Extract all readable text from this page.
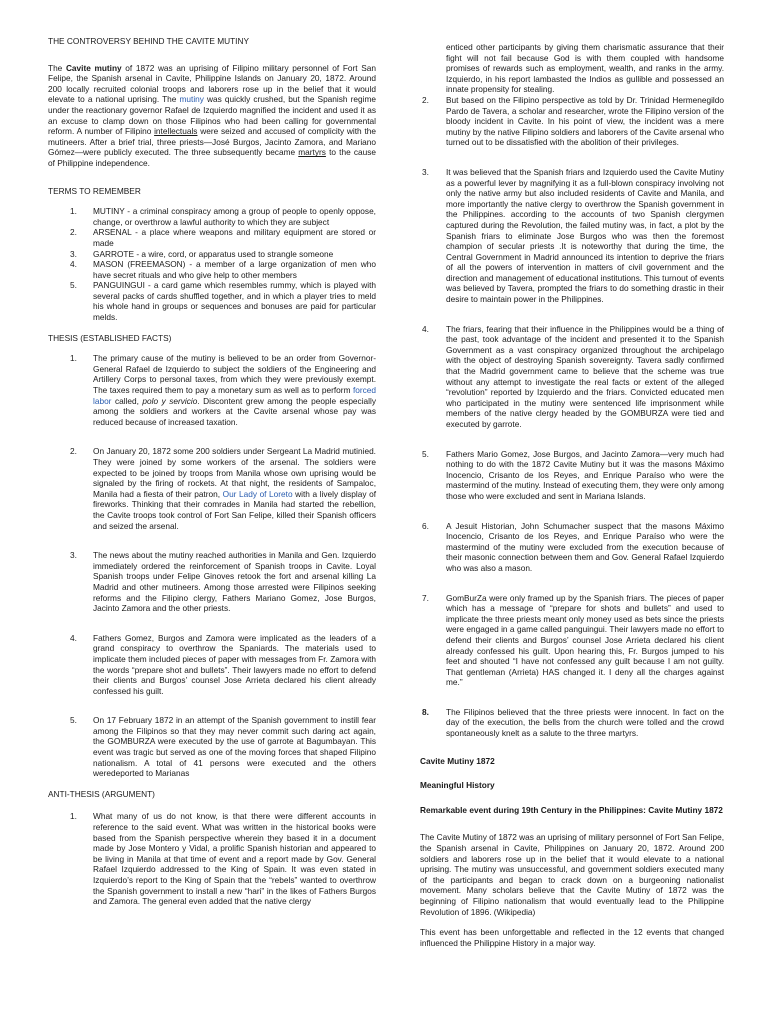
THE CONTROVERSY BEHIND THE CAVITE MUTINY

The Cavite mutiny of 1872 was an uprising of Filipino military personnel of Fort San Felipe, the Spanish arsenal in Cavite, Philippine Islands on January 20, 1872. Around 200 locally recruited colonial troops and laborers rose up in the belief that it would elevate to a national uprising. The mutiny was quickly crushed, but the Spanish regime under the reactionary governor Rafael de Izquierdo magnified the incident and used it as an excuse to clamp down on those Filipinos who had been calling for governmental reform. A number of Filipino intellectuals were seized and accused of complicity with the mutineers. After a brief trial, three priests—José Burgos, Jacinto Zamora, and Mariano Gómez—were publicly executed. The three subsequently became martyrs to the cause of Philippine independence.

TERMS TO REMEMBER

1. MUTINY - a criminal conspiracy among a group of people to openly oppose, change, or overthrow a lawful authority to which they are subject
2. ARSENAL - a place where weapons and military equipment are stored or made
3. GARROTE - a wire, cord, or apparatus used to strangle someone
4. MASON (FREEMASON) - a member of a large organization of men who have secret rituals and who give help to other members
5. PANGUINGUI - a card game which resembles rummy, which is played with several packs of cards shuffled together, and in which a player tries to meld his whole hand in groups or sequences and bonuses are paid for particular melds.

THESIS (ESTABLISHED FACTS)

1. The primary cause of the mutiny is believed to be an order from Governor-General Rafael de Izquierdo to subject the soldiers of the Engineering and Artillery Corps to personal taxes, from which they were previously exempt. The taxes required them to pay a monetary sum as well as to perform forced labor called, polo y servicio. Discontent grew among the people especially among the soldiers and workers at the Cavite arsenal whose pay was reduced because of increased taxation.
2. On January 20, 1872 some 200 soldiers under Sergeant La Madrid mutinied. They were joined by some workers of the arsenal. The soldiers were expected to be joined by troops from Manila whose own uprising would be signaled by the firing of rockets. At that night, the residents of Sampaloc, Manila had a fiesta of their patron, Our Lady of Loreto with a lively display of fireworks. Thinking that their comrades in Manila had started the rebellion, the Cavite troops took control of Fort San Felipe, killed their Spanish officers and seized the arsenal.
3. The news about the mutiny reached authorities in Manila and Gen. Izquierdo immediately ordered the reinforcement of Spanish troops in Cavite. Loyal Spanish troops under Felipe Ginoves retook the fort and arsenal killing La Madrid and other mutineers. Among those arrested were Filipinos seeking reforms and the Filipino clergy, Fathers Mariano Gomez, Jose Burgos, Jacinto Zamora and the other priests.
4. Fathers Gomez, Burgos and Zamora were implicated as the leaders of a grand conspiracy to overthrow the Spaniards. The materials used to implicate them included pieces of paper with messages from Fr. Zamora with the words “prepare shot and bullets”. Their lawyers made no effort to defend their clients and Burgos’ counsel Jose Arrieta declared his client already confessed his guilt.
5. On 17 February 1872 in an attempt of the Spanish government to instill fear among the Filipinos so that they may never commit such daring act again, the GOMBURZA were executed by the use of garrote at Bagumbayan. This event was tragic but served as one of the moving forces that shaped Filipino nationalism. A total of 41 persons were executed and the others weredeported to Marianas

ANTI-THESIS (ARGUMENT)

1. What many of us do not know, is that there were different accounts in reference to the said event. What was written in the historical books were based from the Spanish perspective wherein they based it in a document made by Jose Montero y Vidal, a prolific Spanish historian and appeared to be living in Manila at that time of event and a report made by Gov. General Rafael Izquierdo addressed to the King of Spain. It was even stated in Izquierdo’s report to the King of Spain that the “rebels” wanted to overthrow the Spanish government to install a new “hari” in the likes of Fathers Burgos and Zamora. The general even added that the native clergy

enticed other participants by giving them charismatic assurance that their fight will not fail because God is with them coupled with handsome promises of rewards such as employment, wealth, and ranks in the army. Izquierdo, in his report lambasted the Indios as gullible and possessed an innate propensity for stealing.

2. But based on the Filipino perspective as told by Dr. Trinidad Hermenegildo Pardo de Tavera, a scholar and researcher, wrote the Filipino version of the bloody incident in Cavite. In his point of view, the incident was a mere mutiny by the native Filipino soldiers and laborers of the Cavite arsenal who turned out to be dissatisfied with the abolition of their privileges.
3. It was believed that the Spanish friars and Izquierdo used the Cavite Mutiny as a powerful lever by magnifying it as a full-blown conspiracy involving not only the native army but also included residents of Cavite and Manila, and more importantly the native clergy to overthrow the Spanish government in the Philippines. according to the accounts of two Spanish clergymen captured during the Revolution, the failed mutiny was, in fact, a plot by the Spanish friars to eliminate Jose Burgos who was then the foremost champion of secular priests .It is noteworthy that during the time, the Central Government in Madrid announced its intention to deprive the friars of all the powers of intervention in matters of civil government and the direction and management of educational institutions. This turnout of events was believed by Tavera, prompted the friars to do something drastic in their desire to maintain power in the Philippines.
4. The friars, fearing that their influence in the Philippines would be a thing of the past, took advantage of the incident and presented it to the Spanish Government as a vast conspiracy organized throughout the archipelago with the object of destroying Spanish sovereignty. Tavera sadly confirmed that the Madrid government came to believe that the scheme was true without any attempt to investigate the real facts or extent of the alleged “revolution” reported by Izquierdo and the friars. Convicted educated men who participated in the mutiny were sentenced life imprisonment while members of the native clergy headed by the GOMBURZA were tied and executed by garrote.
5. Fathers Mario Gomez, Jose Burgos, and Jacinto Zamora—very much had nothing to do with the 1872 Cavite Mutiny but it was the masons Máximo Inocencio, Crisanto de los Reyes, and Enrique Paraíso who were the mastermind of the mutiny. Instead of executing them, they were only among those who were excluded and sent in Mariana Islands.
6. A Jesuit Historian, John Schumacher suspect that the masons Máximo Inocencio, Crisanto de los Reyes, and Enrique Paraíso who were the mastermind of the mutiny were excluded from the execution because of their masonic connection between them and Gov. General Rafael Izquierdo who was also a mason.
7. GomBurZa were only framed up by the Spanish friars. The pieces of paper which has a message of “prepare for shots and bullets” and used to implicate the three priests meant only money used as bets since the priests were engaged in a game called panguingui. Their lawyers made no effort to defend their clients and Burgos’ counsel Jose Arrieta declared his client already confessed his guilt. Upon hearing this, Fr. Burgos jumped to his feet and shouted “I have not confessed any guilt because I am not guilty. That gentleman (Arrieta) HAS changed it. I deny all the charges against me.”
8. The Filipinos believed that the three priests were innocent. In fact on the day of the execution, the bells from the church were tolled and the crowd spontaneously knelt as a salute to the three martyrs.

Cavite Mutiny 1872

Meaningful History

Remarkable event during 19th Century in the Philippines: Cavite Mutiny 1872

The Cavite Mutiny of 1872 was an uprising of military personnel of Fort San Felipe, the Spanish arsenal in Cavite, Philippines on January 20, 1872. Around 200 soldiers and laborers rose up in the belief that it would elevate to a national uprising. The mutiny was unsuccessful, and government soldiers executed many of the participants and began to crack down on a burgeoning nationalist movement. Many scholars believe that the Cavite Mutiny of 1872 was the beginning of Filipino nationalism that would eventually lead to the Philippine Revolution of 1896. (Wikipedia)

This event has been unforgettable and reflected in the 12 events that changed influenced the Philippine History in a major way.
